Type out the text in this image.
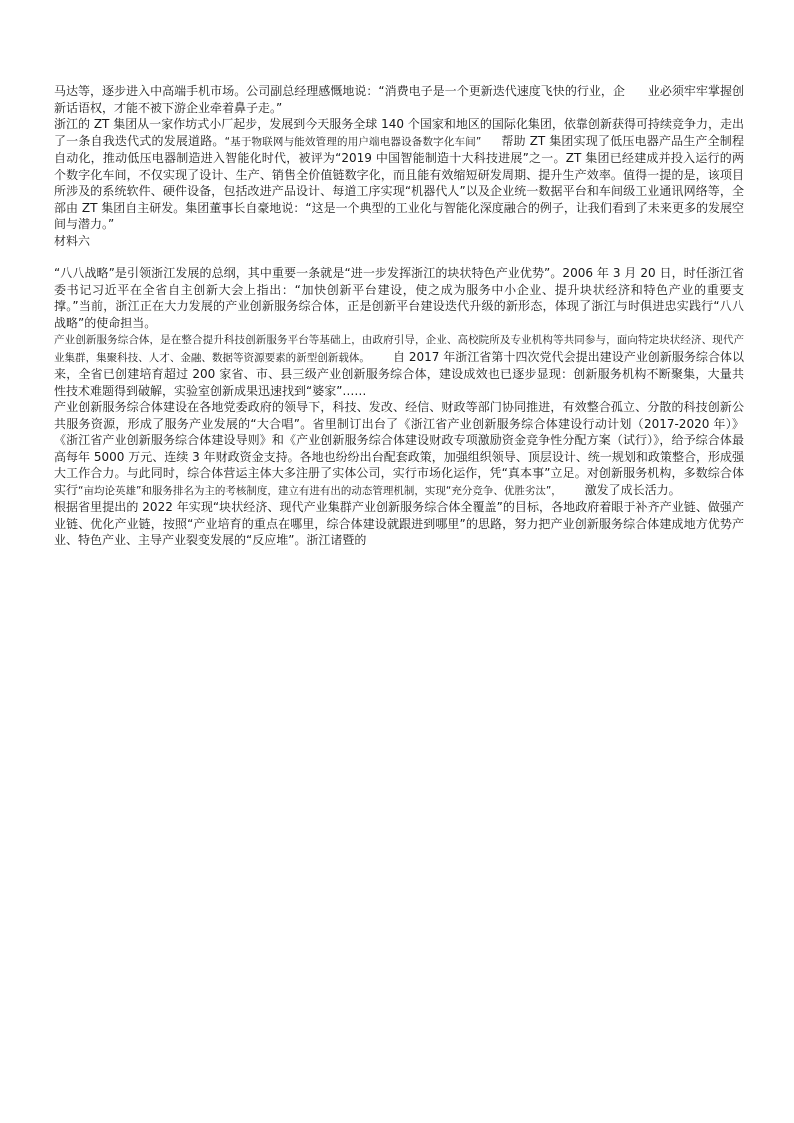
马达等，逐步进入中高端手机市场。公司副总经理感慨地说：“消费电子是一个更新迭代速度飞快的行业，企 业必须牢牢掌握创新话语权，才能不被下游企业牵着鼻子走。”

浙江的 ZT 集团从一家作坊式小厂起步，发展到今天服务全球 140 个国家和地区的国际化集团，依靠创新获得可持续竞争力，走出了一条自我迭代式的发展道路。“基于物联网与能效管理的用户端电器设备数字化车间” 帮助 ZT 集团实现了低压电器产品生产全制程自动化，推动低压电器制造进入智能化时代，被评为“2019 中国智能制造十大科技进展”之一。ZT 集团已经建成并投入运行的两个数字化车间，不仅实现了设计、生产、销售全价值链数字化，而且能有效缩短研发周期、提升生产效率。值得一提的是，该项目所涉及的系统软件、硬件设备，包括改进产品设计、每道工序实现“机器代人”以及企业统一数据平台和车间级工业通讯网络等，全部由 ZT 集团自主研发。集团董事长自豪地说：“这是一个典型的工业化与智能化深度融合的例子，让我们看到了未来更多的发展空间与潜力。”

材料六

“八八战略”是引领浙江发展的总纲，其中重要一条就是“进一步发挥浙江的块状特色产业优势”。2006 年 3 月 20 日，时任浙江省委书记习近平在全省自主创新大会上指出：“加快创新平台建设，使之成为服务中小企业、提升块状经济和特色产业的重要支撑。”当前，浙江正在大力发展的产业创新服务综合体，正是创新平台建设迭代升级的新形态，体现了浙江与时俱进忠实践行“八八战略”的使命担当。

产业创新服务综合体，是在整合提升科技创新服务平台等基础上，由政府引导，企业、高校院所及专业机构等共同参与，面向特定块状经济、现代产业集群，集聚科技、人才、金融、数据等资源要素的新型创新载体。 自 2017 年浙江省第十四次党代会提出建设产业创新服务综合体以来，全省已创建培育超过 200 家省、市、县三级产业创新服务综合体，建设成效也已逐步显现：创新服务机构不断聚集，大量共性技术难题得到破解，实验室创新成果迅速找到“婆家”……

产业创新服务综合体建设在各地党委政府的领导下，科技、发改、经信、财政等部门协同推进，有效整合孤立、分散的科技创新公共服务资源，形成了服务产业发展的“大合唱”。省里制订出台了《浙江省产业创新服务综合体建设行动计划（2017-2020 年）》《浙江省产业创新服务综合体建设导则》和《产业创新服务综合体建设财政专项激励资金竞争性分配方案（试行）》，给予综合体最高每年 5000 万元、连续 3 年财政资金支持。各地也纷纷出台配套政策，加强组织领导、顶层设计、统一规划和政策整合，形成强大工作合力。与此同时，综合体营运主体大多注册了实体公司，实行市场化运作，凭“真本事”立足。对创新服务机构，多数综合体实行“亩均论英雄”和服务排名为主的考核制度，建立有进有出的动态管理机制，实现“充分竞争、优胜劣汰”， 激发了成长活力。

根据省里提出的 2022 年实现“块状经济、现代产业集群产业创新服务综合体全覆盖”的目标，各地政府着眼于补齐产业链、做强产业链、优化产业链，按照“产业培育的重点在哪里，综合体建设就跟进到哪里”的思路，努力把产业创新服务综合体建成地方优势产业、特色产业、主导产业裂变发展的“反应堆”。浙江诸暨的
